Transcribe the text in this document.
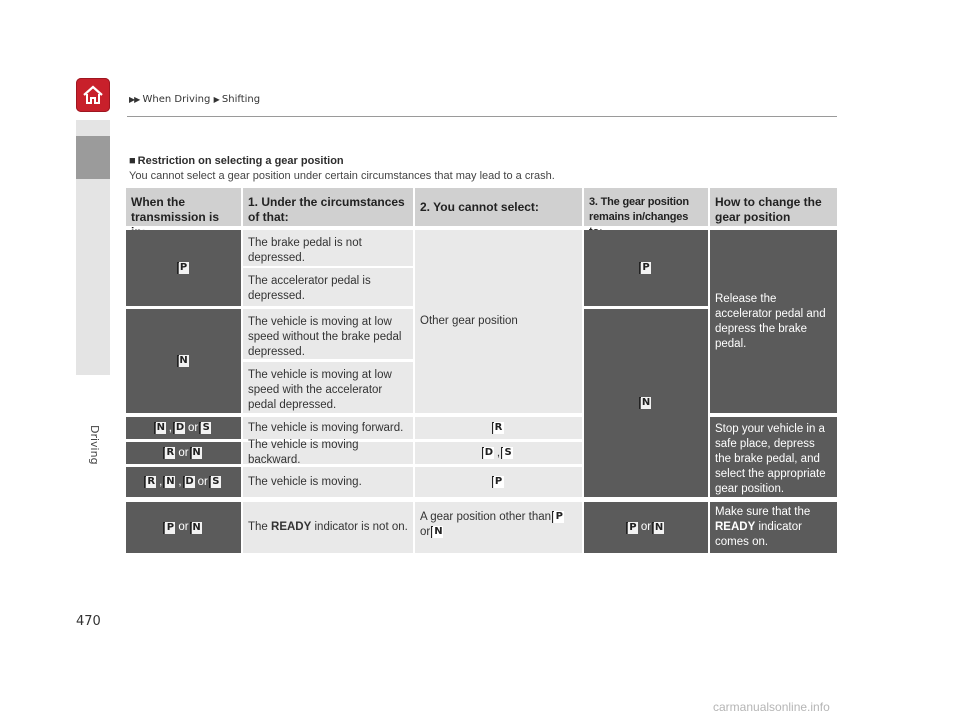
▶▶ When Driving ▶ Shifting
Driving
470
■ Restriction on selecting a gear position
You cannot select a gear position under certain circumstances that may lead to a crash.
When the transmission is
1. Under the circumstances of that:
2. You cannot select:	3. The gear position remains in/changes
How to change the gear position
P
N
N , D or S
R or N
R , N , D or S
P or N
The brake pedal is not depressed.
The accelerator pedal is depressed.
The vehicle is moving at low speed without the brake pedal depressed.
The vehicle is moving at low speed with the accelerator pedal depressed.
The vehicle is moving forward.
The vehicle is moving backward.
The vehicle is moving.
The READY indicator is not on.
Other gear position
R
D , S
P
A gear position other than P
or N
P
N
P or N
Release the accelerator pedal and depress the brake pedal.
Stop your vehicle in a safe place, depress the brake pedal, and select the appropriate gear position.
Make sure that the
READY indicator comes on.
carmanualsonline.info
